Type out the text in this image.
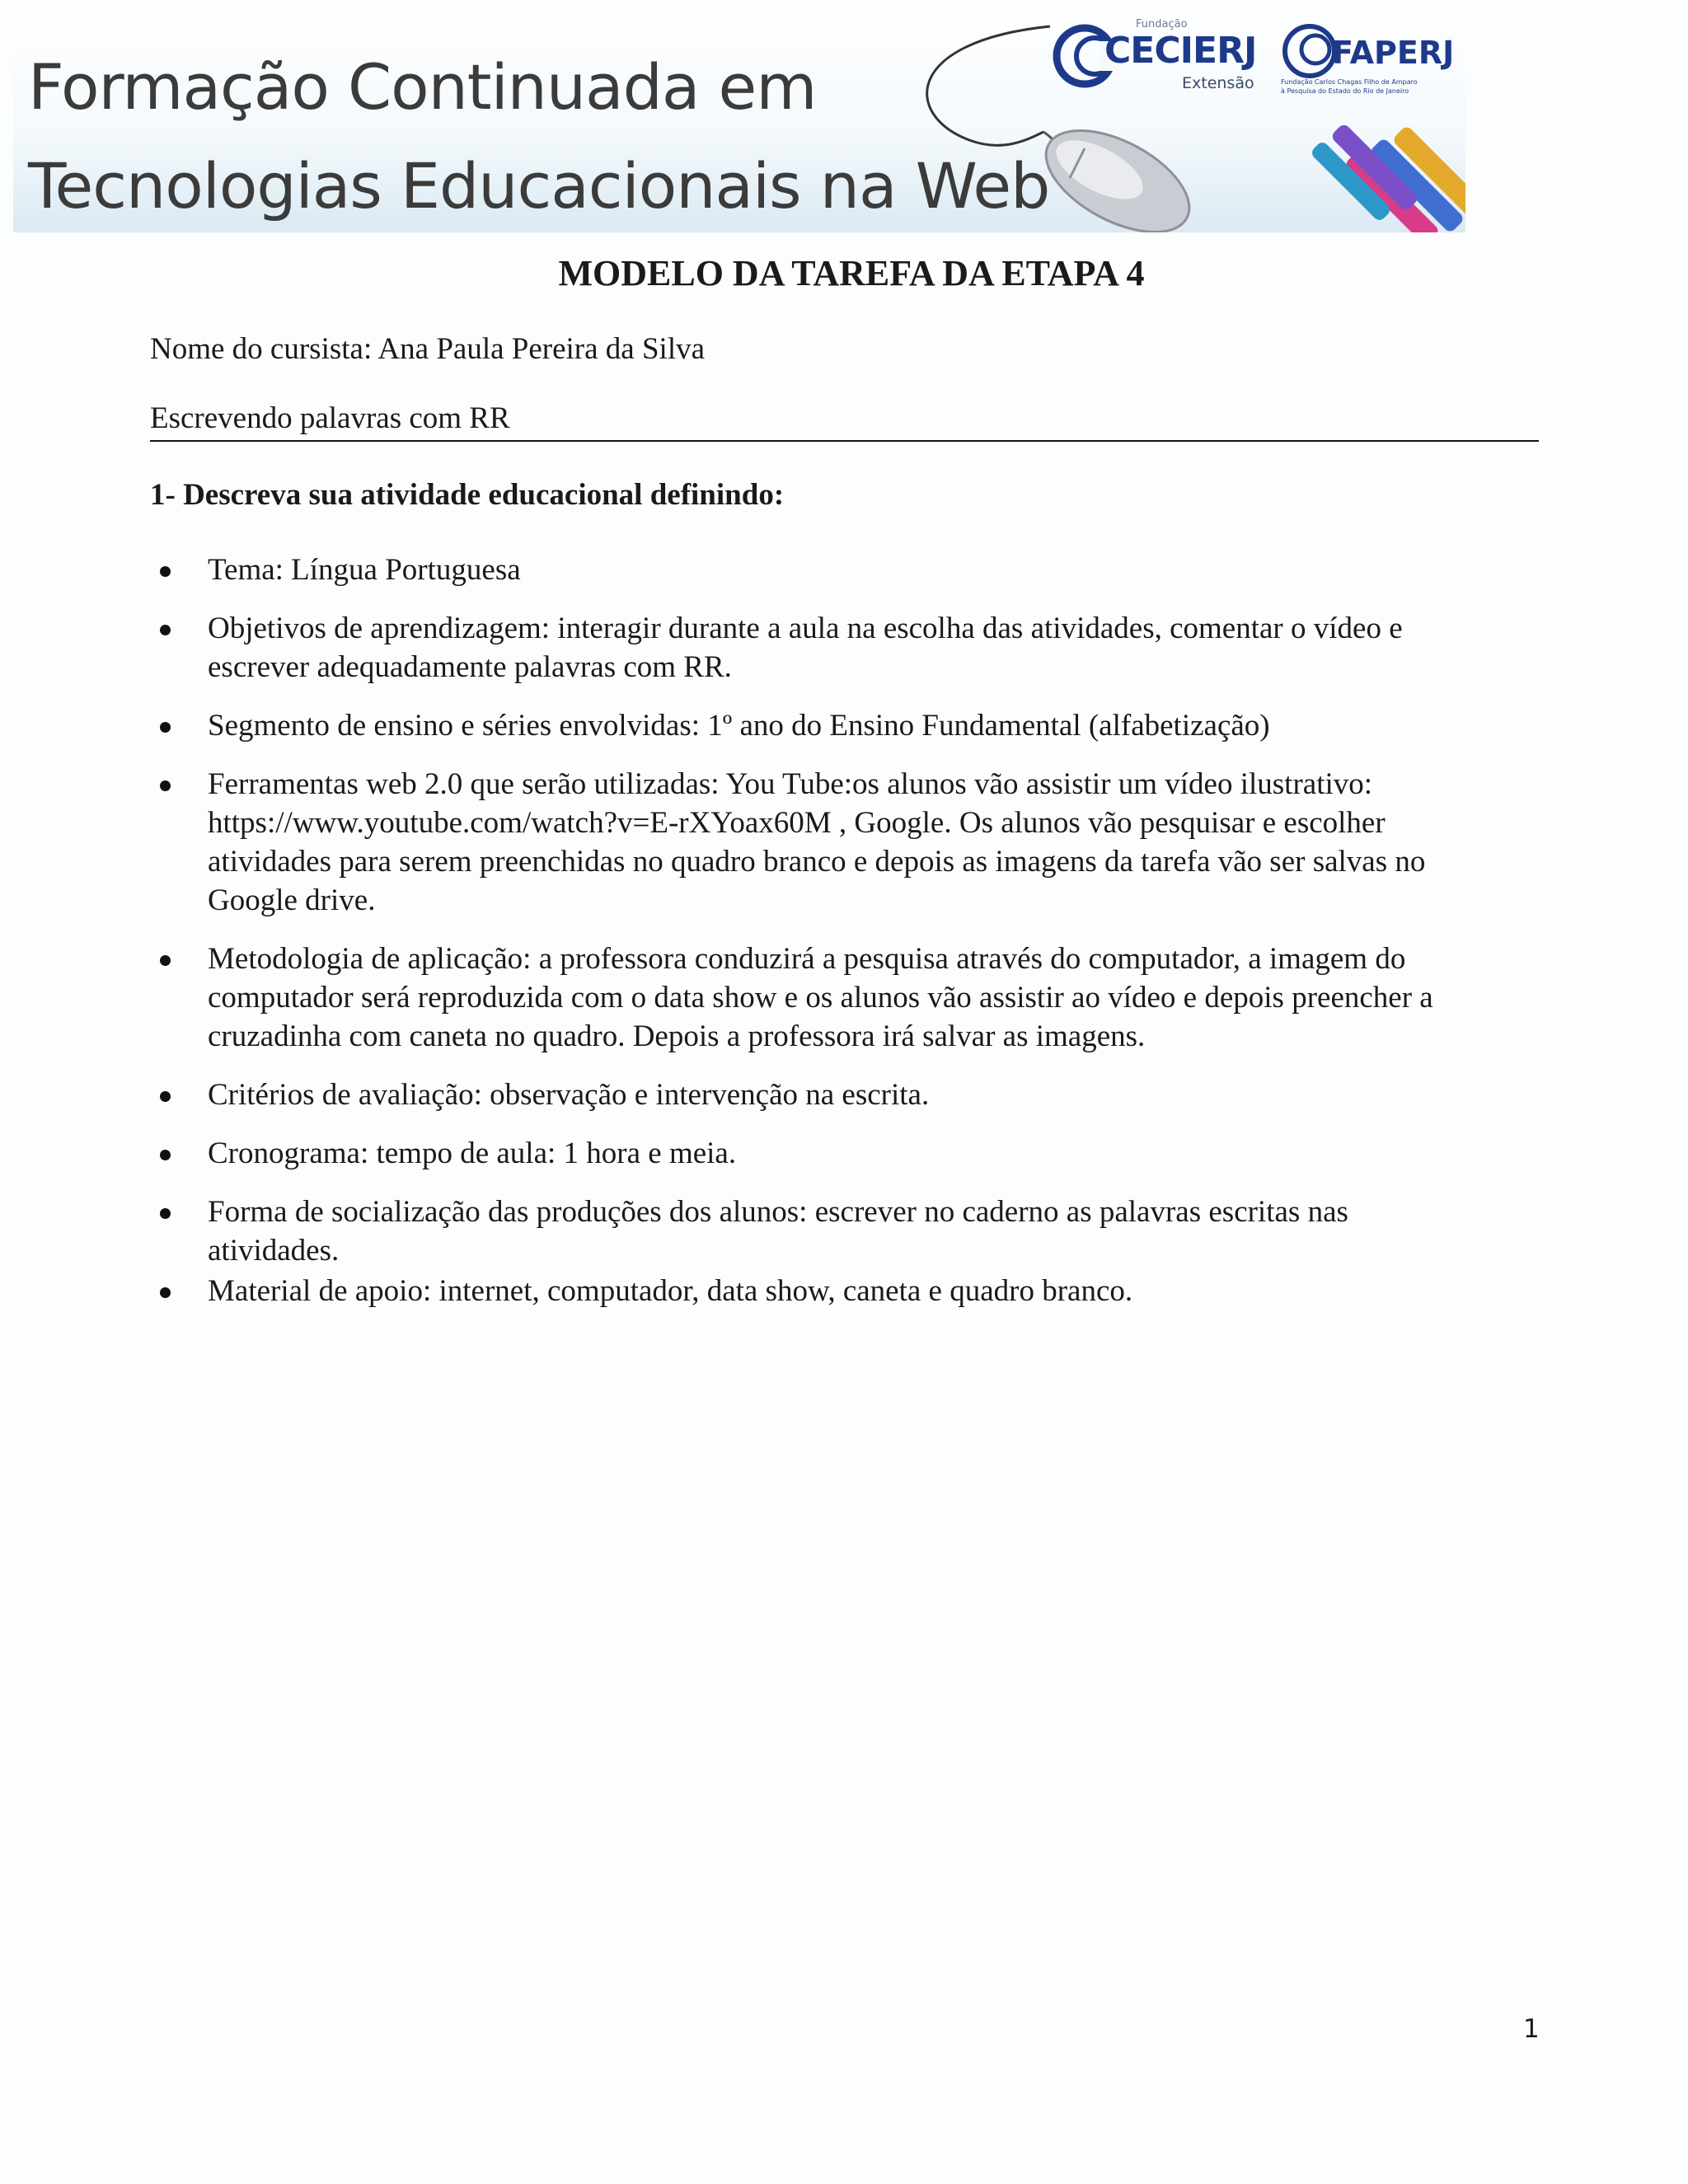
Formação Continuada em

Tecnologias Educacionais na Web

Fundação
CECIERJ
Extensão
FAPERJ
Fundação Carlos Chagas Filho de Amparo
à Pesquisa do Estado do Rio de Janeiro
MODELO DA TAREFA DA ETAPA 4

Nome do cursista: Ana Paula Pereira da Silva

Escrevendo palavras com RR

1- Descreva sua atividade educacional definindo:
Tema: Língua Portuguesa
Objetivos de aprendizagem: interagir durante a aula na escolha das atividades, comentar o vídeo e
escrever adequadamente palavras com RR.
Segmento de ensino e séries envolvidas: 1º ano do Ensino Fundamental (alfabetização)
Ferramentas web 2.0 que serão utilizadas: You Tube:os alunos vão assistir um vídeo ilustrativo:
https://www.youtube.com/watch?v=E-rXYoax60M , Google. Os alunos vão pesquisar e escolher
atividades para serem preenchidas no quadro branco e depois as imagens da tarefa vão ser salvas no
Google drive.
Metodologia de aplicação: a professora conduzirá a pesquisa através do computador, a imagem do
computador será reproduzida com o data show e os alunos vão assistir ao vídeo e depois preencher a
cruzadinha com caneta no quadro. Depois a professora irá salvar as imagens.
Critérios de avaliação: observação e intervenção na escrita.
Cronograma: tempo de aula: 1 hora e meia.
Forma de socialização das produções dos alunos: escrever no caderno as palavras escritas nas
atividades.
Material de apoio: internet, computador, data show, caneta e quadro branco.

1
